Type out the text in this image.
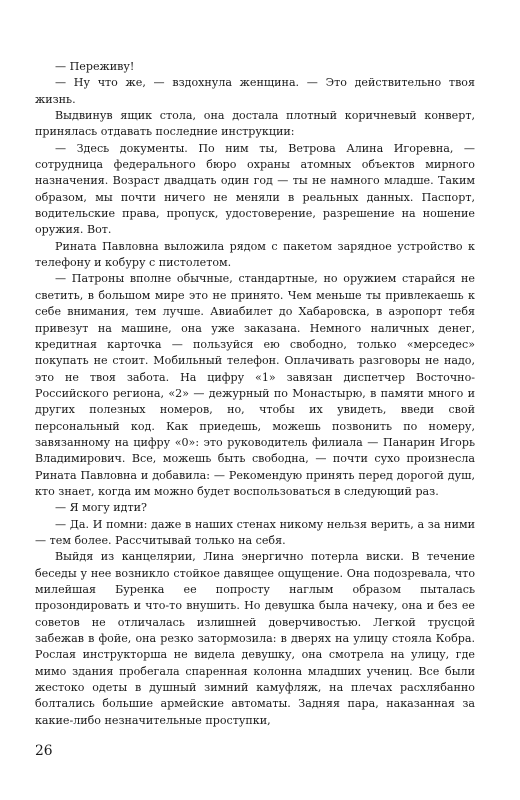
— Переживу!

— Ну что же, — вздохнула женщина. — Это действительно твоя жизнь.

Выдвинув ящик стола, она достала плотный коричневый конверт, принялась отдавать последние инструкции:

— Здесь документы. По ним ты, Ветрова Алина Игоревна, — сотрудница федерального бюро охраны атомных объектов мирного назначения. Возраст двадцать один год — ты не намного младше. Таким образом, мы почти ничего не меняли в реальных данных. Паспорт, водительские права, пропуск, удостоверение, разрешение на ношение оружия. Вот.

Рината Павловна выложила рядом с пакетом зарядное устройство к телефону и кобуру с пистолетом.

— Патроны вполне обычные, стандартные, но оружием старайся не светить, в большом мире это не принято. Чем меньше ты привлекаешь к себе внимания, тем лучше. Авиабилет до Хабаровска, в аэропорт тебя привезут на машине, она уже заказана. Немного наличных денег, кредитная карточка — пользуйся ею свободно, только «мерседес» покупать не стоит. Мобильный телефон. Оплачивать разговоры не надо, это не твоя забота. На цифру «1» завязан диспетчер Восточно-Российского региона, «2» — дежурный по Монастырю, в памяти много и других полезных номеров, но, чтобы их увидеть, введи свой персональный код. Как приедешь, можешь позвонить по номеру, завязанному на цифру «0»: это руководитель филиала — Панарин Игорь Владимирович. Все, можешь быть свободна, — почти сухо произнесла Рината Павловна и добавила: — Рекомендую принять перед дорогой душ, кто знает, когда им можно будет воспользоваться в следующий раз.

— Я могу идти?

— Да. И помни: даже в наших стенах никому нельзя верить, а за ними — тем более. Рассчитывай только на себя.

Выйдя из канцелярии, Лина энергично потерла виски. В течение беседы у нее возникло стойкое давящее ощущение. Она подозревала, что милейшая Буренка ее попросту наглым образом пыталась прозондировать и что-то внушить. Но девушка была начеку, она и без ее советов не отличалась излишней доверчивостью. Легкой трусцой забежав в фойе, она резко затормозила: в дверях на улицу стояла Кобра. Рослая инструкторша не видела девушку, она смотрела на улицу, где мимо здания пробегала спаренная колонна младших учениц. Все были жестоко одеты в душный зимний камуфляж, на плечах расхлябанно болтались большие армейские автоматы. Задняя пара, наказанная за какие-либо незначительные проступки,

26
